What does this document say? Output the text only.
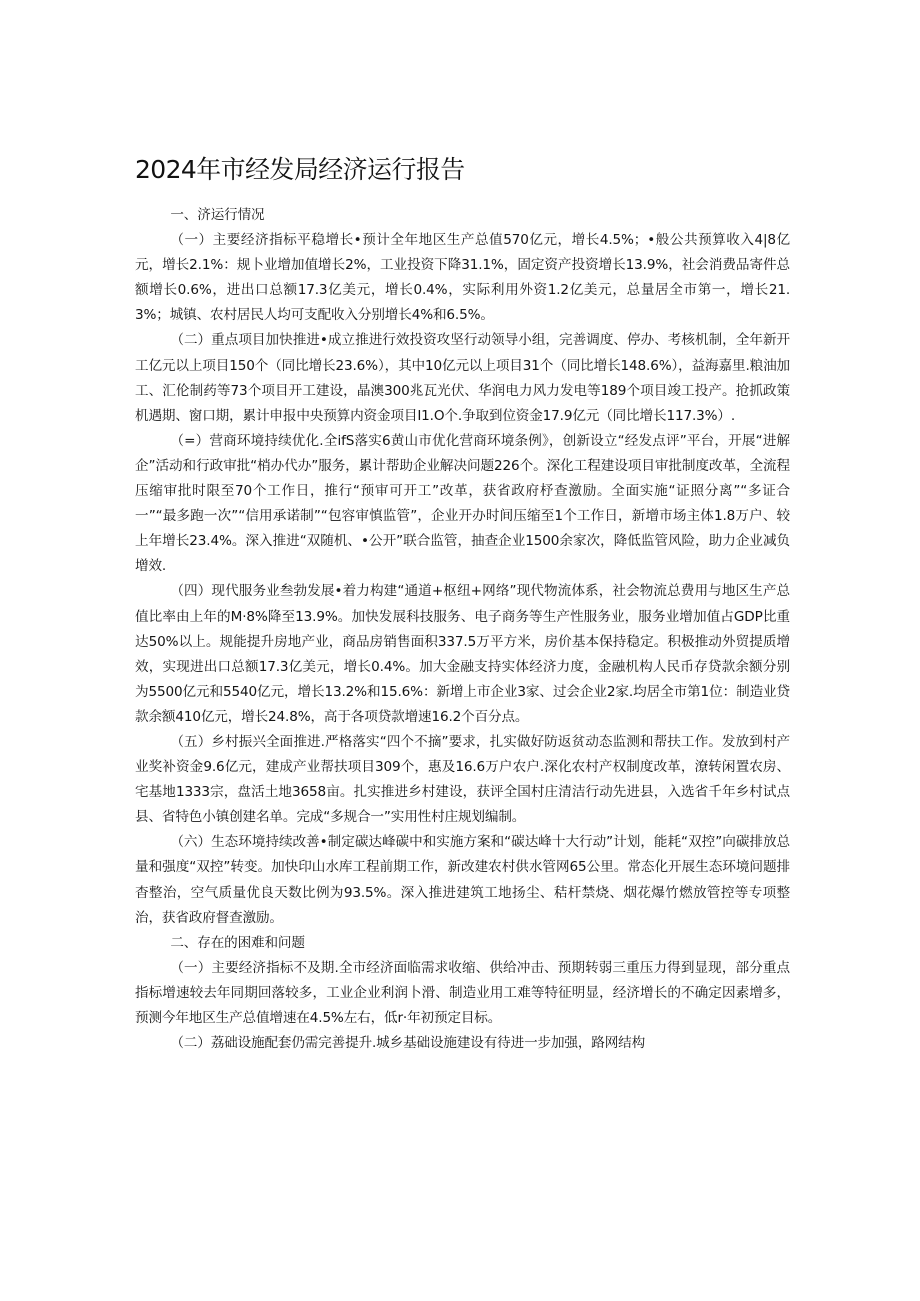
2024年市经发局经济运行报告

一、济运行情况

（一）主要经济指标平稳增长•预计全年地区生产总值570亿元，增长4.5%；•般公共预算收入4|8亿元，增长2.1%：规卜业增加值增长2%，工业投资下降31.1%，固定资产投资增长13.9%，社会消费品寄件总额增长0.6%，进出口总额17.3亿美元，增长0.4%，实际利用外资1.2亿美元，总量居全市第一，增长21.3%；城镇、农村居民人均可支配收入分别增长4%和6.5%。

（二）重点项目加快推进•成立推进行效投资攻坚行动领导小组，完善调度、停办、考核机制，全年新开工亿元以上项目150个（同比增长23.6%），其中10亿元以上项目31个（同比增长148.6%），益海嘉里.粮油加工、汇伦制药等73个项目开工建设，晶澳300兆瓦光伏、华润电力风力发电等189个项目竣工投产。抢抓政策机遇期、窗口期，累计申报中央预算内资金项目I1.O个.争取到位资金17.9亿元（同比增长117.3%）.

（=）营商环境持续优化.全ifS落实6黄山市优化营商环境条例》，创新设立“经发点评”平台，开展“进解企”活动和行政审批“梢办代办”服务，累计帮助企业解决问题226个。深化工程建设项目审批制度改革，全流程压缩审批时限至70个工作日，推行“预审可开工”改革，获省政府杼查激励。全面实施“证照分离”“多证合一”“最多跑一次”“信用承诺制”“包容审慎监管”，企业开办时间压缩至1个工作日，新增市场主体1.8万户、较上年增长23.4%。深入推进“双随机、•公开”联合监管，抽查企业1500余家次，降低监管风险，助力企业减负增效.

（四）现代服务业叁勃发展•着力构建“通道+枢纽+网络”现代物流体系，社会物流总费用与地区生产总值比率由上年的M·8%降至13.9%。加快发展科技服务、电子商务等生产性服务业，服务业增加值占GDP比重达50%以上。规能提升房地产业，商品房销售面积337.5万平方米，房价基本保持稳定。积极推动外贸提质增效，实现进出口总额17.3亿美元，增长0.4%。加大金融支持实体经济力度，金融机构人民币存贷款余额分别为5500亿元和5540亿元，增长13.2%和15.6%：新增上市企业3家、过会企业2家.均居全市第1位：制造业贷款余额410亿元，增长24.8%，高于各项贷款增速16.2个百分点。

（五）乡村振兴全面推进.严格落实“四个不摘”要求，扎实做好防返贫动态监测和帮扶工作。发放到村产业奖补资金9.6亿元，建成产业帮扶项目309个，惠及16.6万户农户.深化农村产权制度改革，潦转闲置农房、宅基地1333宗，盘活土地3658亩。扎实推进乡村建设，获评全国村庄清洁行动先进县，入选省千年乡村试点县、省特色小镇创建名单。完成“多规合一”实用性村庄规划编制。

（六）生态环境持续改善•制定碳达峰碳中和实施方案和“碳达峰十大行动”计划，能耗“双控”向碳排放总量和强度“双控”转变。加快印山水库工程前期工作，新改建农村供水管网65公里。常态化开展生态环境问题排杳整治，空气质量优良天数比例为93.5%。深入推进建筑工地扬尘、秸杆禁烧、烟花爆竹燃放管控等专项整治，获省政府督查激励。

二、存在的困难和问题

（一）主要经济指标不及期.全市经济面临需求收缩、供给冲击、预期转弱三重压力得到显现，部分重点指标增速较去年同期回落较多，工业企业利润卜滑、制造业用工难等特征明显，经济增长的不确定因素增多，预测今年地区生产总值增速在4.5%左右，低r·年初预定目标。

（二）荔础设施配套仍需完善提升.城乡基础设施建设有待进一步加强，路网结构
